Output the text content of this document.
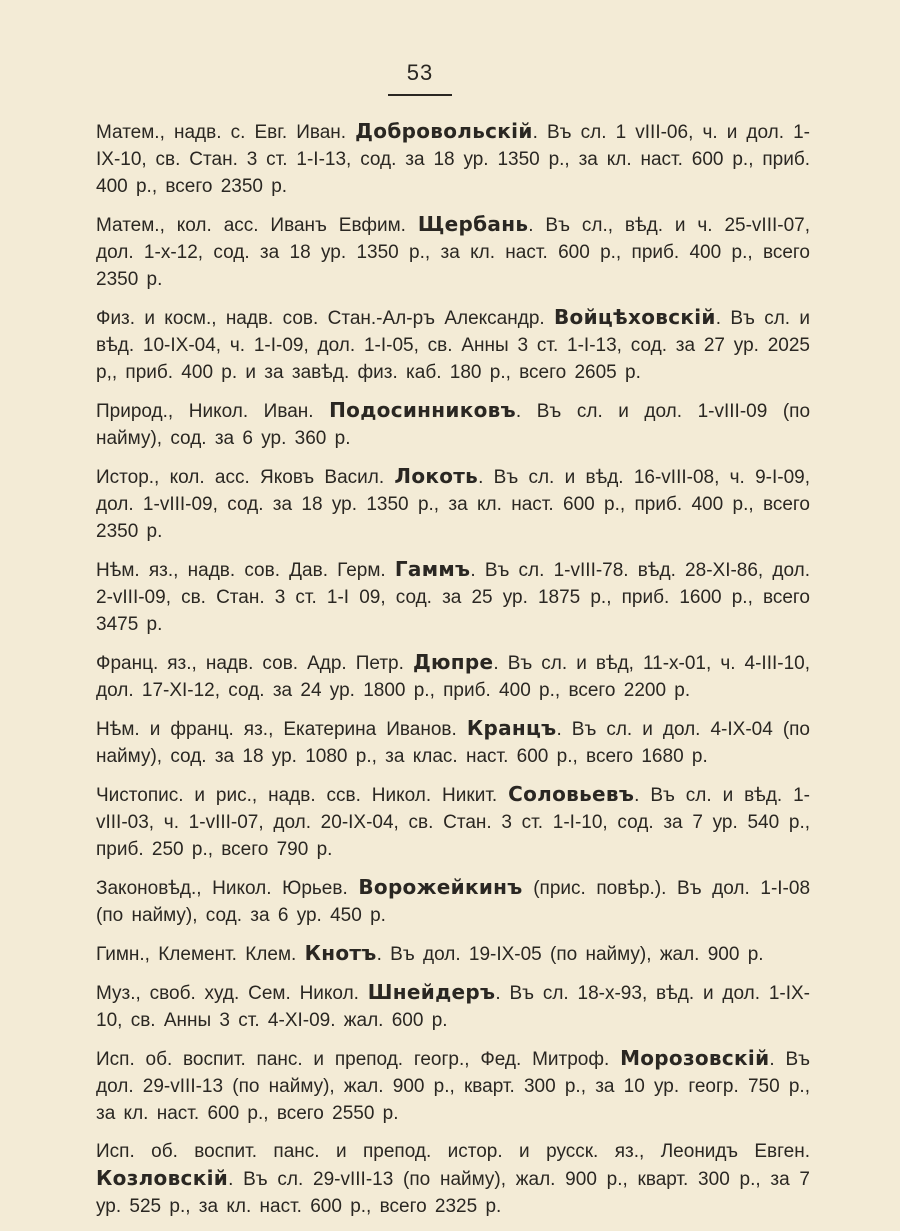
53
Матем., надв. с. Евг. Иван. Добровольскій. Въ сл. 1 vIII-06, ч. и дол. 1-IX-10, св. Стан. 3 ст. 1-I-13, сод. за 18 ур. 1350 р., за кл. наст. 600 р., приб. 400 р., всего 2350 р.
Матем., кол. асс. Иванъ Евфим. Щербань. Въ сл., вѣд. и ч. 25-vIII-07, дол. 1-x-12, сод. за 18 ур. 1350 р., за кл. наст. 600 р., приб. 400 р., всего 2350 р.
Физ. и косм., надв. сов. Стан.-Ал-ръ Александр. Войцѣховскій. Въ сл. и вѣд. 10-IX-04, ч. 1-I-09, дол. 1-I-05, св. Анны 3 ст. 1-I-13, сод. за 27 ур. 2025 р,, приб. 400 р. и за завѣд. физ. каб. 180 р., всего 2605 р.
Природ., Никол. Иван. Подосинниковъ. Въ сл. и дол. 1-vIII-09 (по найму), сод. за 6 ур. 360 р.
Истор., кол. асс. Яковъ Васил. Локоть. Въ сл. и вѣд. 16-vIII-08, ч. 9-I-09, дол. 1-vIII-09, сод. за 18 ур. 1350 р., за кл. наст. 600 р., приб. 400 р., всего 2350 р.
Нѣм. яз., надв. сов. Дав. Герм. Гаммъ. Въ сл. 1-vIII-78. вѣд. 28-XI-86, дол. 2-vIII-09, св. Стан. 3 ст. 1-I 09, сод. за 25 ур. 1875 р., приб. 1600 р., всего 3475 р.
Франц. яз., надв. сов. Адр. Петр. Дюпре. Въ сл. и вѣд, 11-x-01, ч. 4-III-10, дол. 17-XI-12, сод. за 24 ур. 1800 р., приб. 400 р., всего 2200 р.
Нѣм. и франц. яз., Екатерина Иванов. Кранцъ. Въ сл. и дол. 4-IX-04 (по найму), сод. за 18 ур. 1080 р., за клас. наст. 600 р., всего 1680 р.
Чистопис. и рис., надв. ссв. Никол. Никит. Соловьевъ. Въ сл. и вѣд. 1-vIII-03, ч. 1-vIII-07, дол. 20-IX-04, св. Стан. 3 ст. 1-I-10, сод. за 7 ур. 540 р., приб. 250 р., всего 790 р.
Законовѣд., Никол. Юрьев. Ворожейкинъ (прис. повѣр.). Въ дол. 1-I-08 (по найму), сод. за 6 ур. 450 р.
Гимн., Клемент. Клем. Кнотъ. Въ дол. 19-IX-05 (по найму), жал. 900 р.
Муз., своб. худ. Сем. Никол. Шнейдеръ. Въ сл. 18-x-93, вѣд. и дол. 1-IX-10, св. Анны 3 ст. 4-XI-09. жал. 600 р.
Исп. об. воспит. панс. и препод. геогр., Фед. Митроф. Морозовскій. Въ дол. 29-vIII-13 (по найму), жал. 900 р., кварт. 300 р., за 10 ур. геогр. 750 р., за кл. наст. 600 р., всего 2550 р.
Исп. об. воспит. панс. и препод. истор. и русск. яз., Леонидъ Евген. Козловскій. Въ сл. 29-vIII-13 (по найму), жал. 900 р., кварт. 300 р., за 7 ур. 525 р., за кл. наст. 600 р., всего 2325 р.
